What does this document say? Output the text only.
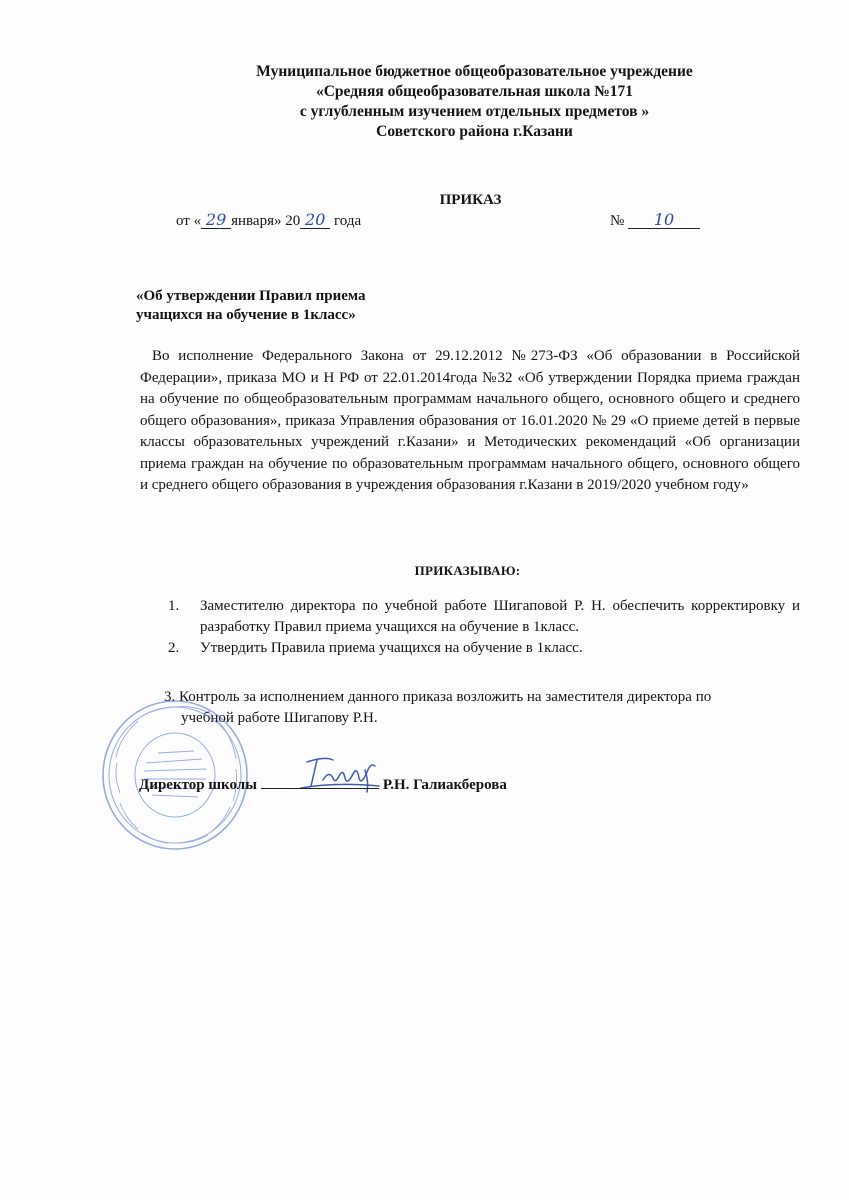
Муниципальное бюджетное общеобразовательное учреждение
«Средняя общеобразовательная школа №171
с углубленным изучением отдельных предметов »
Советского района г.Казани
ПРИКАЗ
от « 29 января» 20 20 года	№ 10
«Об утверждении Правил приема
учащихся на обучение в 1класс»

Во исполнение Федерального Закона от 29.12.2012 №273-ФЗ «Об образовании в Российской Федерации», приказа МО и Н РФ от 22.01.2014года №32 «Об утверждении Порядка приема граждан на обучение по общеобразовательным программам начального общего, основного общего и среднего общего образования», приказа Управления образования от 16.01.2020 № 29 «О приеме детей в первые классы образовательных учреждений г.Казани» и Методических рекомендаций «Об организации приема граждан на обучение по образовательным программам начального общего, основного общего и среднего общего образования в учреждения образования г.Казани в 2019/2020 учебном году»

ПРИКАЗЫВАЮ:
1. Заместителю директора по учебной работе Шигаповой Р. Н. обеспечить корректировку и разработку Правил приема учащихся на обучение в 1класс.
2. Утвердить Правила приема учащихся на обучение в 1класс.
3. Контроль за исполнением данного приказа возложить на заместителя директора по
учебной работе Шигапову Р.Н.
Директор школы	Р.Н. Галиакберова
